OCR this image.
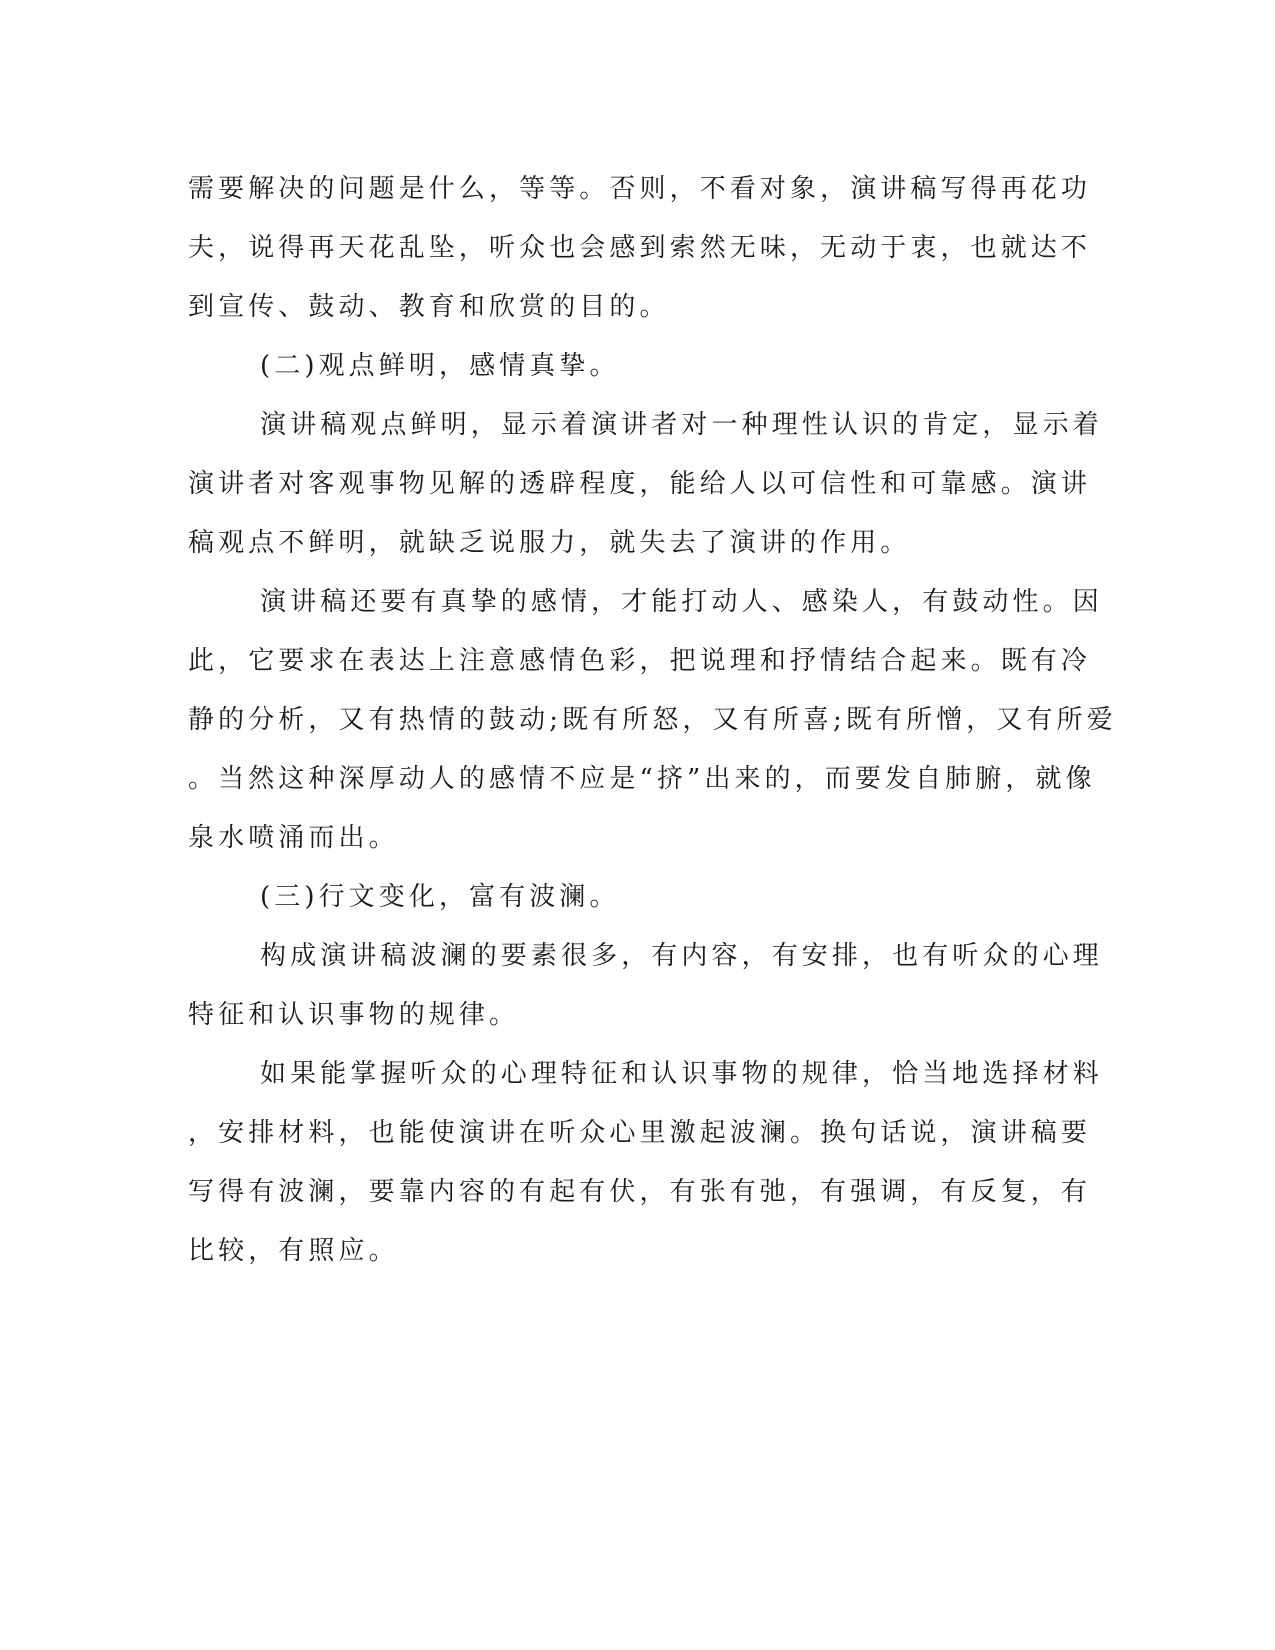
需要解决的问题是什么，等等。否则，不看对象，演讲稿写得再花功
夫，说得再天花乱坠，听众也会感到索然无味，无动于衷，也就达不
到宣传、鼓动、教育和欣赏的目的。
(二)观点鲜明，感情真挚。
演讲稿观点鲜明，显示着演讲者对一种理性认识的肯定，显示着
演讲者对客观事物见解的透辟程度，能给人以可信性和可靠感。演讲
稿观点不鲜明，就缺乏说服力，就失去了演讲的作用。
演讲稿还要有真挚的感情，才能打动人、感染人，有鼓动性。因
此，它要求在表达上注意感情色彩，把说理和抒情结合起来。既有冷
静的分析，又有热情的鼓动;既有所怒，又有所喜;既有所憎，又有所爱
。当然这种深厚动人的感情不应是“挤”出来的，而要发自肺腑，就像
泉水喷涌而出。
(三)行文变化，富有波澜。
构成演讲稿波澜的要素很多，有内容，有安排，也有听众的心理
特征和认识事物的规律。
如果能掌握听众的心理特征和认识事物的规律，恰当地选择材料
，安排材料，也能使演讲在听众心里激起波澜。换句话说，演讲稿要
写得有波澜，要靠内容的有起有伏，有张有弛，有强调，有反复，有
比较，有照应。
